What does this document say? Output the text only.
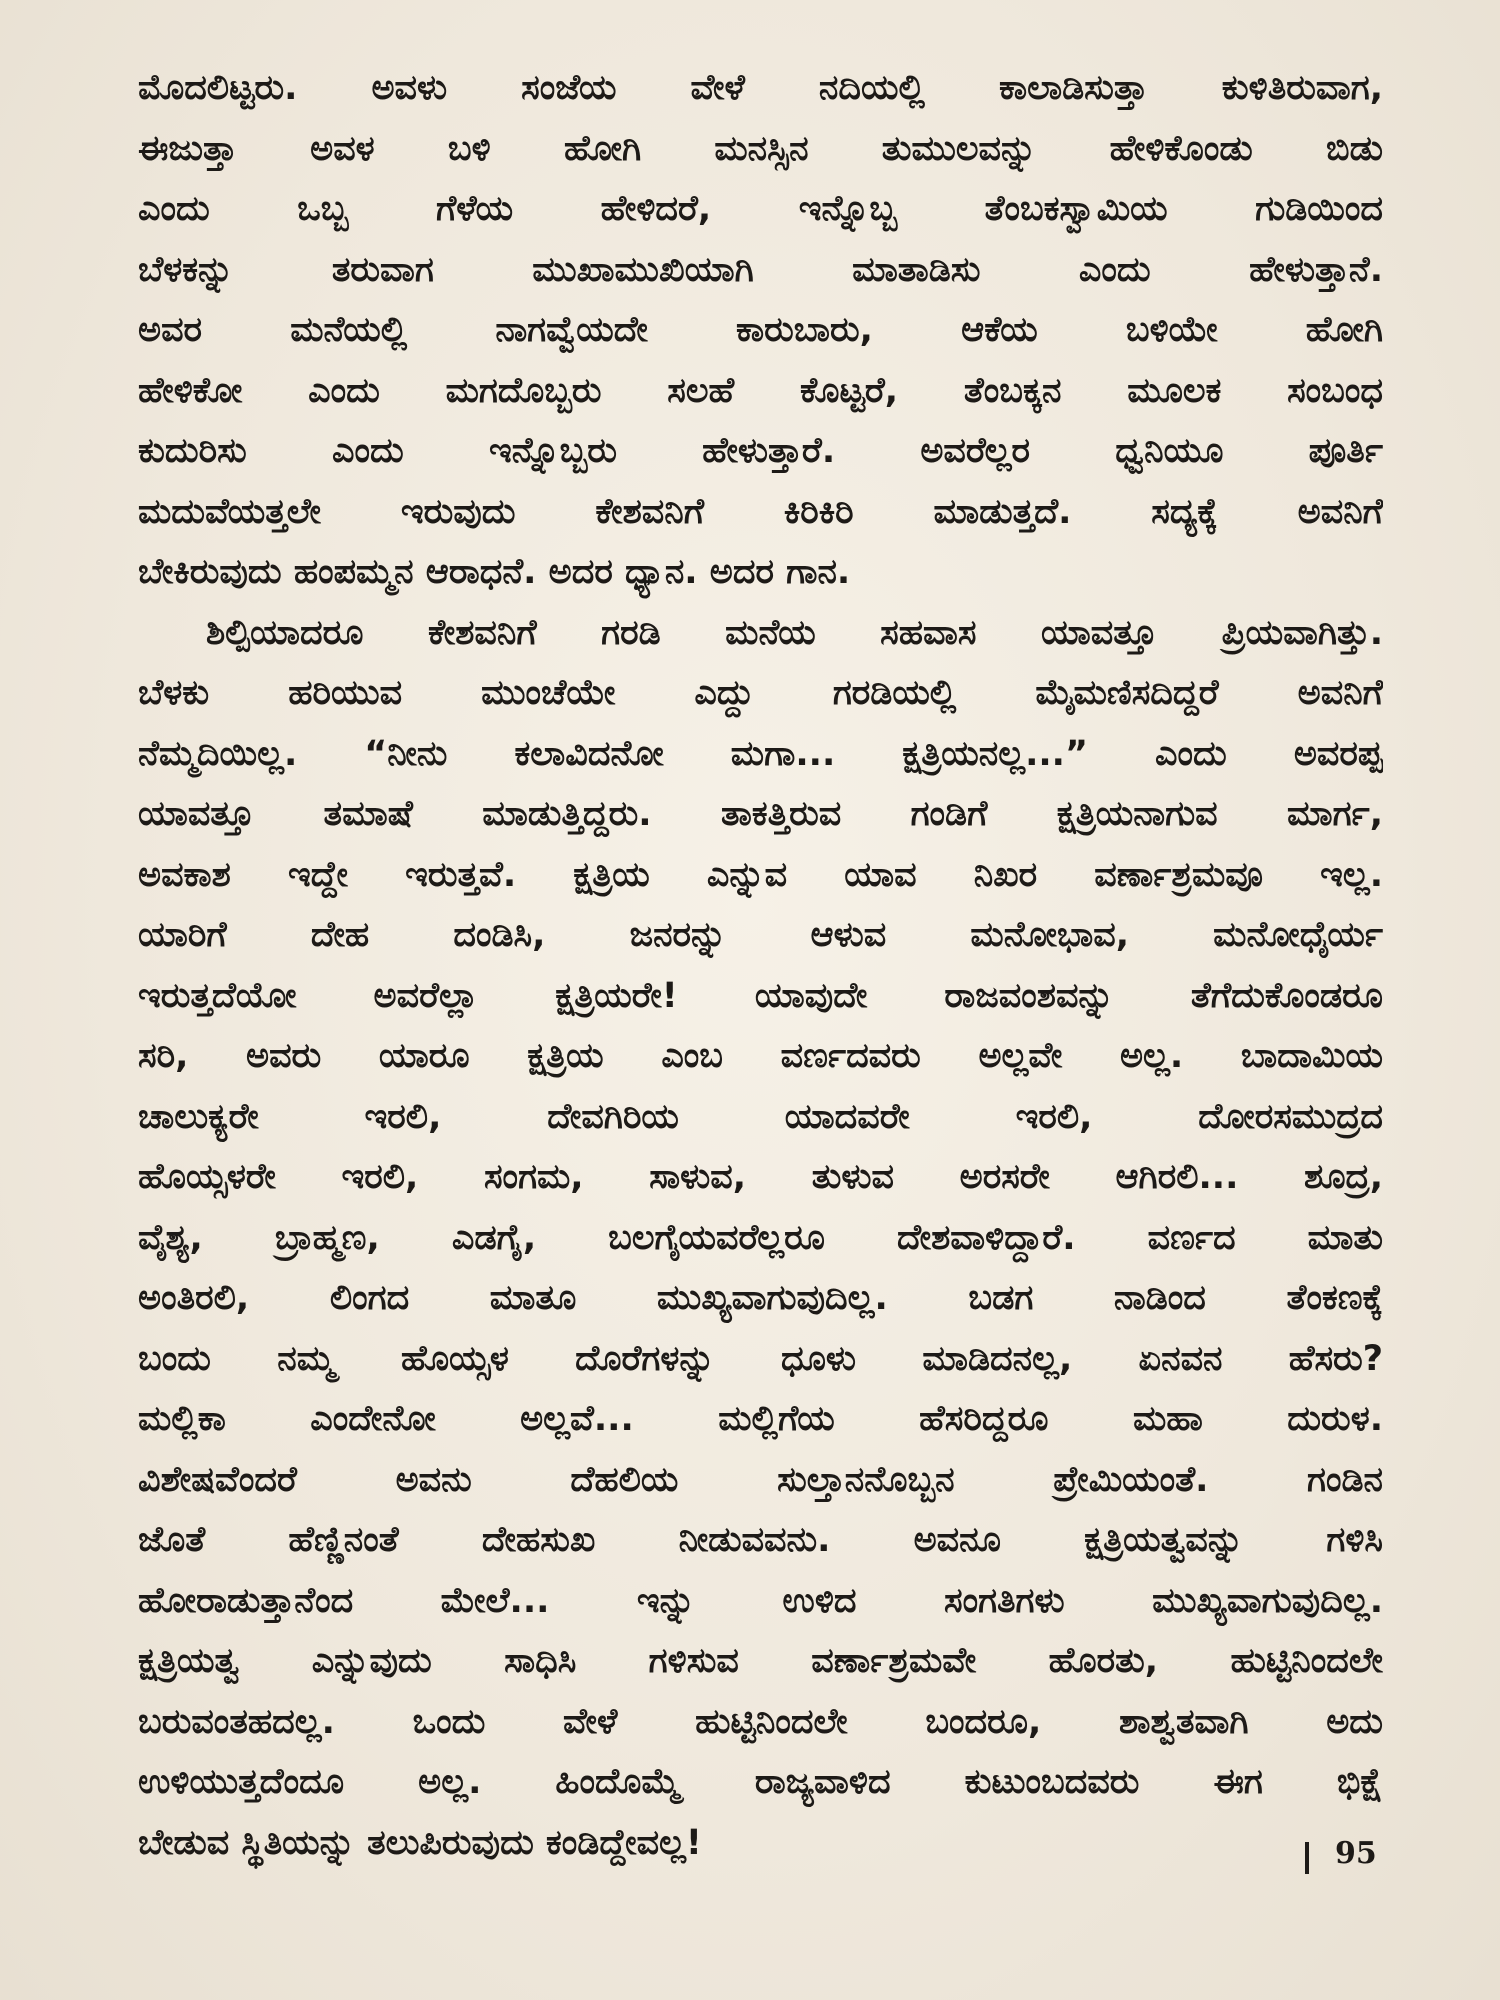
ಮೊದಲಿಟ್ಟರು. ಅವಳು ಸಂಜೆಯ ವೇಳೆ ನದಿಯಲ್ಲಿ ಕಾಲಾಡಿಸುತ್ತಾ ಕುಳಿತಿರುವಾಗ,
ಈಜುತ್ತಾ ಅವಳ ಬಳಿ ಹೋಗಿ ಮನಸ್ಸಿನ ತುಮುಲವನ್ನು ಹೇಳಿಕೊಂಡು ಬಿಡು
ಎಂದು ಒಬ್ಬ ಗೆಳೆಯ ಹೇಳಿದರೆ, ಇನ್ನೊಬ್ಬ ತೆಂಬಕಸ್ವಾಮಿಯ ಗುಡಿಯಿಂದ
ಬೆಳಕನ್ನು ತರುವಾಗ ಮುಖಾಮುಖಿಯಾಗಿ ಮಾತಾಡಿಸು ಎಂದು ಹೇಳುತ್ತಾನೆ.
ಅವರ ಮನೆಯಲ್ಲಿ ನಾಗವ್ವೆಯದೇ ಕಾರುಬಾರು, ಆಕೆಯ ಬಳಿಯೇ ಹೋಗಿ
ಹೇಳಿಕೋ ಎಂದು ಮಗದೊಬ್ಬರು ಸಲಹೆ ಕೊಟ್ಟರೆ, ತೆಂಬಕ್ಕನ ಮೂಲಕ ಸಂಬಂಧ
ಕುದುರಿಸು ಎಂದು ಇನ್ನೊಬ್ಬರು ಹೇಳುತ್ತಾರೆ. ಅವರೆಲ್ಲರ ಧ್ವನಿಯೂ ಪೂರ್ತಿ
ಮದುವೆಯತ್ತಲೇ ಇರುವುದು ಕೇಶವನಿಗೆ ಕಿರಿಕಿರಿ ಮಾಡುತ್ತದೆ. ಸದ್ಯಕ್ಕೆ ಅವನಿಗೆ
ಬೇಕಿರುವುದು ಹಂಪಮ್ಮನ ಆರಾಧನೆ. ಅದರ ಧ್ಯಾನ. ಅದರ ಗಾನ.
ಶಿಲ್ಪಿಯಾದರೂ ಕೇಶವನಿಗೆ ಗರಡಿ ಮನೆಯ ಸಹವಾಸ ಯಾವತ್ತೂ ಪ್ರಿಯವಾಗಿತ್ತು.
ಬೆಳಕು ಹರಿಯುವ ಮುಂಚೆಯೇ ಎದ್ದು ಗರಡಿಯಲ್ಲಿ ಮೈಮಣಿಸದಿದ್ದರೆ ಅವನಿಗೆ
ನೆಮ್ಮದಿಯಿಲ್ಲ. “ನೀನು ಕಲಾವಿದನೋ ಮಗಾ... ಕ್ಷತ್ರಿಯನಲ್ಲ...” ಎಂದು ಅವರಪ್ಪ
ಯಾವತ್ತೂ ತಮಾಷೆ ಮಾಡುತ್ತಿದ್ದರು. ತಾಕತ್ತಿರುವ ಗಂಡಿಗೆ ಕ್ಷತ್ರಿಯನಾಗುವ ಮಾರ್ಗ,
ಅವಕಾಶ ಇದ್ದೇ ಇರುತ್ತವೆ. ಕ್ಷತ್ರಿಯ ಎನ್ನುವ ಯಾವ ನಿಖರ ವರ್ಣಾಶ್ರಮವೂ ಇಲ್ಲ.
ಯಾರಿಗೆ ದೇಹ ದಂಡಿಸಿ, ಜನರನ್ನು ಆಳುವ ಮನೋಭಾವ, ಮನೋಧೈರ್ಯ
ಇರುತ್ತದೆಯೋ ಅವರೆಲ್ಲಾ ಕ್ಷತ್ರಿಯರೇ! ಯಾವುದೇ ರಾಜವಂಶವನ್ನು ತೆಗೆದುಕೊಂಡರೂ
ಸರಿ, ಅವರು ಯಾರೂ ಕ್ಷತ್ರಿಯ ಎಂಬ ವರ್ಣದವರು ಅಲ್ಲವೇ ಅಲ್ಲ. ಬಾದಾಮಿಯ
ಚಾಲುಕ್ಯರೇ ಇರಲಿ, ದೇವಗಿರಿಯ ಯಾದವರೇ ಇರಲಿ, ದೋರಸಮುದ್ರದ
ಹೊಯ್ಸಳರೇ ಇರಲಿ, ಸಂಗಮ, ಸಾಳುವ, ತುಳುವ ಅರಸರೇ ಆಗಿರಲಿ... ಶೂದ್ರ,
ವೈಶ್ಯ, ಬ್ರಾಹ್ಮಣ, ಎಡಗೈ, ಬಲಗೈಯವರೆಲ್ಲರೂ ದೇಶವಾಳಿದ್ದಾರೆ. ವರ್ಣದ ಮಾತು
ಅಂತಿರಲಿ, ಲಿಂಗದ ಮಾತೂ ಮುಖ್ಯವಾಗುವುದಿಲ್ಲ. ಬಡಗ ನಾಡಿಂದ ತೆಂಕಣಕ್ಕೆ
ಬಂದು ನಮ್ಮ ಹೊಯ್ಸಳ ದೊರೆಗಳನ್ನು ಧೂಳು ಮಾಡಿದನಲ್ಲ, ಏನವನ ಹೆಸರು?
ಮಲ್ಲಿಕಾ ಎಂದೇನೋ ಅಲ್ಲವೆ... ಮಲ್ಲಿಗೆಯ ಹೆಸರಿದ್ದರೂ ಮಹಾ ದುರುಳ.
ವಿಶೇಷವೆಂದರೆ ಅವನು ದೆಹಲಿಯ ಸುಲ್ತಾನನೊಬ್ಬನ ಪ್ರೇಮಿಯಂತೆ. ಗಂಡಿನ
ಜೊತೆ ಹೆಣ್ಣಿನಂತೆ ದೇಹಸುಖ ನೀಡುವವನು. ಅವನೂ ಕ್ಷತ್ರಿಯತ್ವವನ್ನು ಗಳಿಸಿ
ಹೋರಾಡುತ್ತಾನೆಂದ ಮೇಲೆ... ಇನ್ನು ಉಳಿದ ಸಂಗತಿಗಳು ಮುಖ್ಯವಾಗುವುದಿಲ್ಲ.
ಕ್ಷತ್ರಿಯತ್ವ ಎನ್ನುವುದು ಸಾಧಿಸಿ ಗಳಿಸುವ ವರ್ಣಾಶ್ರಮವೇ ಹೊರತು, ಹುಟ್ಟಿನಿಂದಲೇ
ಬರುವಂತಹದಲ್ಲ. ಒಂದು ವೇಳೆ ಹುಟ್ಟಿನಿಂದಲೇ ಬಂದರೂ, ಶಾಶ್ವತವಾಗಿ ಅದು
ಉಳಿಯುತ್ತದೆಂದೂ ಅಲ್ಲ. ಹಿಂದೊಮ್ಮೆ ರಾಜ್ಯವಾಳಿದ ಕುಟುಂಬದವರು ಈಗ ಭಿಕ್ಷೆ
ಬೇಡುವ ಸ್ಥಿತಿಯನ್ನು ತಲುಪಿರುವುದು ಕಂಡಿದ್ದೇವಲ್ಲ!	95
